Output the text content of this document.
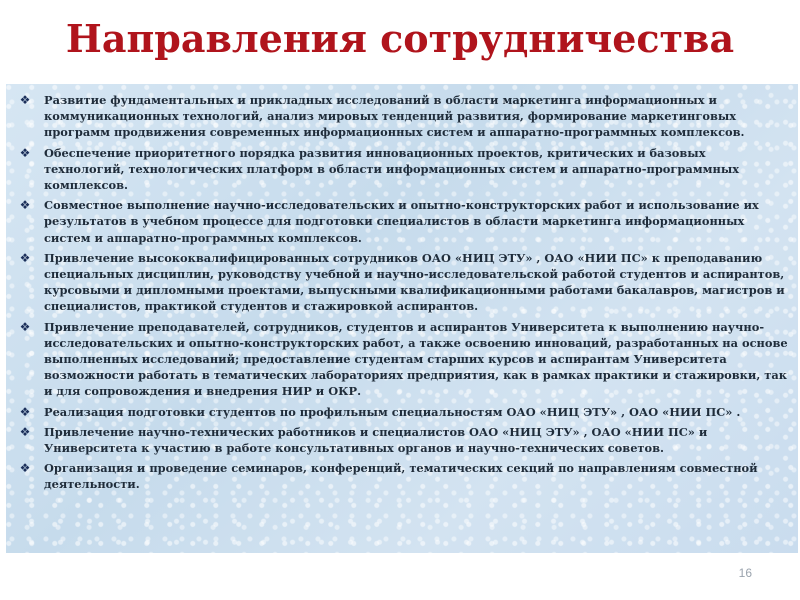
Направления сотрудничества
❖ Развитие фундаментальных и прикладных исследований в области маркетинга информационных и коммуникационных технологий, анализ мировых тенденций развития, формирование маркетинговых программ продвижения современных информационных систем и аппаратно-программных комплексов.
❖ Обеспечение приоритетного порядка развития инновационных проектов, критических и базовых технологий, технологических платформ в области информационных систем и аппаратно-программных комплексов.
❖ Совместное выполнение научно-исследовательских и опытно-конструкторских работ и использование их результатов в учебном процессе для подготовки специалистов в области маркетинга информационных систем и аппаратно-программных комплексов.
❖ Привлечение высококвалифицированных сотрудников ОАО «НИЦ ЭТУ» , ОАО «НИИ ПС» к преподаванию специальных дисциплин, руководству учебной и научно-исследовательской работой студентов и аспирантов, курсовыми и дипломными проектами, выпускными квалификационными работами бакалавров, магистров и специалистов, практикой студентов и стажировкой аспирантов.
❖ Привлечение преподавателей, сотрудников, студентов и аспирантов Университета к выполнению научно-исследовательских и опытно-конструкторских работ, а также освоению инноваций, разработанных на основе выполненных исследований; предоставление студентам старших курсов и аспирантам Университета возможности работать в тематических лабораториях предприятия, как в рамках практики и стажировки, так и для сопровождения и внедрения НИР и ОКР.
❖ Реализация подготовки студентов по профильным специальностям ОАО «НИЦ ЭТУ» , ОАО «НИИ ПС» .
❖ Привлечение научно-технических работников и специалистов ОАО «НИЦ ЭТУ» , ОАО «НИИ ПС» и Университета к участию в работе консультативных органов и научно-технических советов.
❖ Организация и проведение семинаров, конференций, тематических секций по направлениям совместной деятельности.
16
